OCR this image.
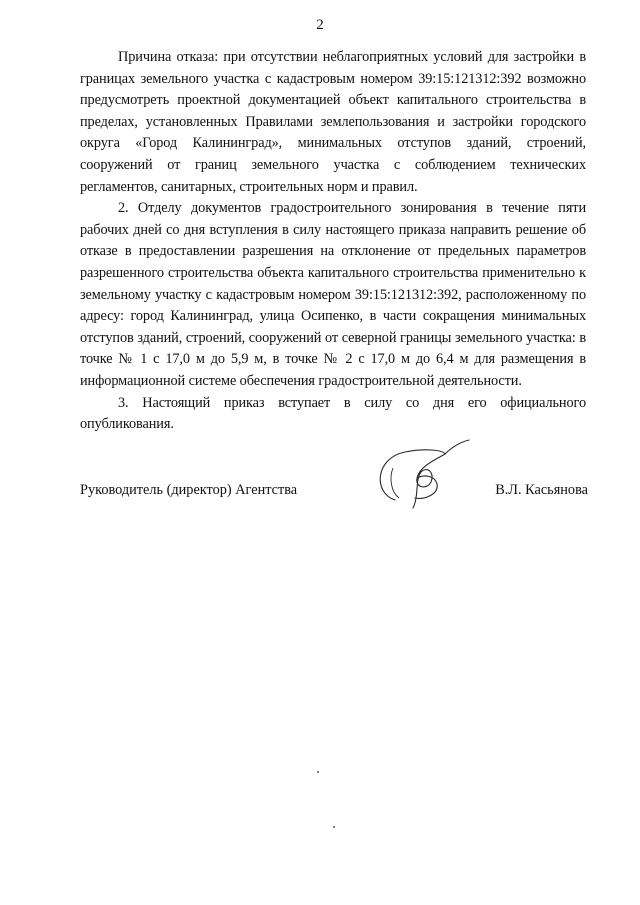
2

Причина отказа: при отсутствии неблагоприятных условий для застройки в границах земельного участка с кадастровым номером 39:15:121312:392 возможно предусмотреть проектной документацией объект капитального строительства в пределах, установленных Правилами землепользования и застройки городского округа «Город Калининград», минимальных отступов зданий, строений, сооружений от границ земельного участка с соблюдением технических регламентов, санитарных, строительных норм и правил.

2. Отделу документов градостроительного зонирования в течение пяти рабочих дней со дня вступления в силу настоящего приказа направить решение об отказе в предоставлении разрешения на отклонение от предельных параметров разрешенного строительства объекта капитального строительства применительно к земельному участку с кадастровым номером 39:15:121312:392, расположенному по адресу: город Калининград, улица Осипенко, в части сокращения минимальных отступов зданий, строений, сооружений от северной границы земельного участка: в точке № 1 с 17,0 м до 5,9 м, в точке № 2 с 17,0 м до 6,4 м для размещения в информационной системе обеспечения градостроительной деятельности.

3. Настоящий приказ вступает в силу со дня его официального опубликования.

Руководитель (директор) Агентства	В.Л. Касьянова
